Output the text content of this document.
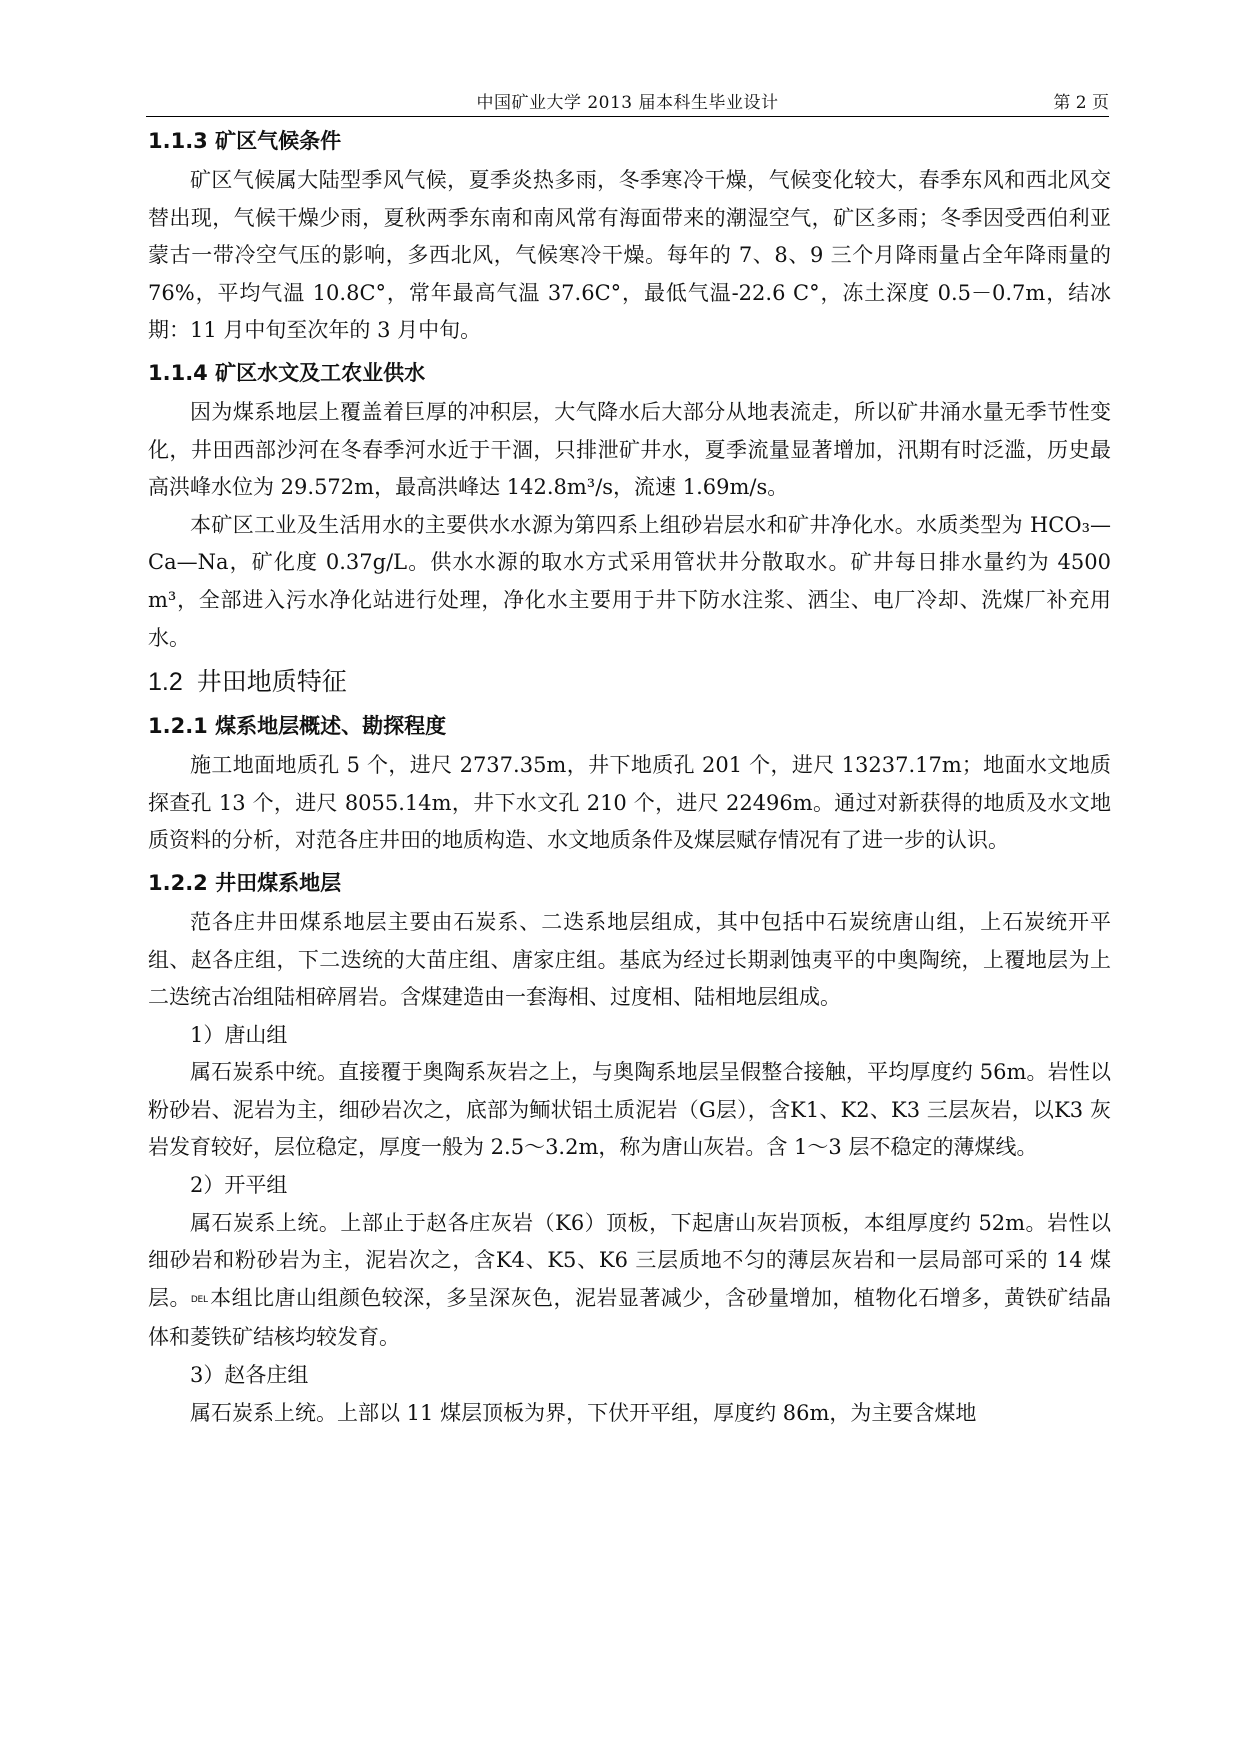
中国矿业大学 2013 届本科生毕业设计	第 2 页
1.1.3 矿区气候条件

矿区气候属大陆型季风气候，夏季炎热多雨，冬季寒冷干燥，气候变化较大，春季东风和西北风交替出现，气候干燥少雨，夏秋两季东南和南风常有海面带来的潮湿空气，矿区多雨；冬季因受西伯利亚蒙古一带冷空气压的影响，多西北风，气候寒冷干燥。每年的 7、8、9 三个月降雨量占全年降雨量的 76%，平均气温 10.8C°，常年最高气温 37.6C°，最低气温-22.6 C°，冻土深度 0.5－0.7m，结冰期：11 月中旬至次年的 3 月中旬。

1.1.4 矿区水文及工农业供水

因为煤系地层上覆盖着巨厚的冲积层，大气降水后大部分从地表流走，所以矿井涌水量无季节性变化，井田西部沙河在冬春季河水近于干涸，只排泄矿井水，夏季流量显著增加，汛期有时泛滥，历史最高洪峰水位为 29.572m，最高洪峰达 142.8m³/s，流速 1.69m/s。

本矿区工业及生活用水的主要供水水源为第四系上组砂岩层水和矿井净化水。水质类型为 HCO₃—Ca—Na，矿化度 0.37g/L。供水水源的取水方式采用管状井分散取水。矿井每日排水量约为 4500 m³，全部进入污水净化站进行处理，净化水主要用于井下防水注浆、洒尘、电厂冷却、洗煤厂补充用水。

1.2 井田地质特征
1.2.1 煤系地层概述、勘探程度

施工地面地质孔 5 个，进尺 2737.35m，井下地质孔 201 个，进尺 13237.17m；地面水文地质探查孔 13 个，进尺 8055.14m，井下水文孔 210 个，进尺 22496m。通过对新获得的地质及水文地质资料的分析，对范各庄井田的地质构造、水文地质条件及煤层赋存情况有了进一步的认识。

1.2.2 井田煤系地层

范各庄井田煤系地层主要由石炭系、二迭系地层组成，其中包括中石炭统唐山组，上石炭统开平组、赵各庄组，下二迭统的大苗庄组、唐家庄组。基底为经过长期剥蚀夷平的中奥陶统，上覆地层为上二迭统古冶组陆相碎屑岩。含煤建造由一套海相、过度相、陆相地层组成。

1）唐山组

属石炭系中统。直接覆于奥陶系灰岩之上，与奥陶系地层呈假整合接触，平均厚度约 56m。岩性以粉砂岩、泥岩为主，细砂岩次之，底部为鲕状铝土质泥岩（G层），含K1、K2、K3 三层灰岩，以K3 灰岩发育较好，层位稳定，厚度一般为 2.5～3.2m，称为唐山灰岩。含 1～3 层不稳定的薄煤线。

2）开平组

属石炭系上统。上部止于赵各庄灰岩（K6）顶板，下起唐山灰岩顶板，本组厚度约 52m。岩性以细砂岩和粉砂岩为主，泥岩次之，含K4、K5、K6 三层质地不匀的薄层灰岩和一层局部可采的 14 煤层。DEL本组比唐山组颜色较深，多呈深灰色，泥岩显著减少，含砂量增加，植物化石增多，黄铁矿结晶体和菱铁矿结核均较发育。

3）赵各庄组

属石炭系上统。上部以 11 煤层顶板为界，下伏开平组，厚度约 86m，为主要含煤地
